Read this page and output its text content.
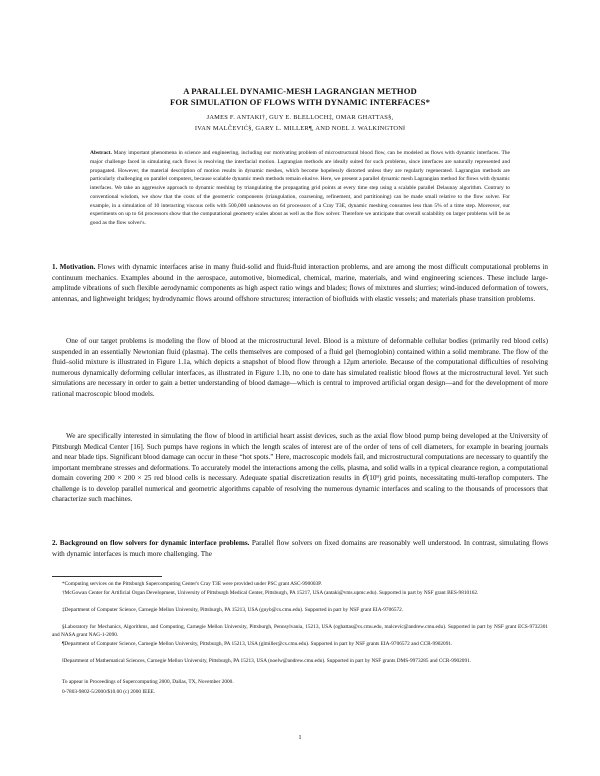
A PARALLEL DYNAMIC-MESH LAGRANGIAN METHOD
FOR SIMULATION OF FLOWS WITH DYNAMIC INTERFACES*
JAMES F. ANTAKI†, GUY E. BLELLOCH‡, OMAR GHATTAS§,
IVAN MALČEVIĆ§, GARY L. MILLER¶, AND NOEL J. WALKINGTON‖

Abstract. Many important phenomena in science and engineering, including our motivating problem of microstructural blood flow, can be modeled as flows with dynamic interfaces. The major challenge faced in simulating such flows is resolving the interfacial motion. Lagrangian methods are ideally suited for such problems, since interfaces are naturally represented and propagated. However, the material description of motion results in dynamic meshes, which become hopelessly distorted unless they are regularly regenerated. Lagrangian methods are particularly challenging on parallel computers, because scalable dynamic mesh methods remain elusive. Here, we present a parallel dynamic mesh Lagrangian method for flows with dynamic interfaces. We take an aggressive approach to dynamic meshing by triangulating the propagating grid points at every time step using a scalable parallel Delaunay algorithm. Contrary to conventional wisdom, we show that the costs of the geometric components (triangulation, coarsening, refinement, and partitioning) can be made small relative to the flow solver. For example, in a simulation of 10 interacting viscous cells with 500,000 unknowns on 64 processors of a Cray T3E, dynamic meshing consumes less than 5% of a time step. Moreover, our experiments on up to 64 processors show that the computational geometry scales about as well as the flow solver. Therefore we anticipate that overall scalability on larger problems will be as good as the flow solver's.

1. Motivation. Flows with dynamic interfaces arise in many fluid-solid and fluid-fluid interaction problems, and are among the most difficult computational problems in continuum mechanics. Examples abound in the aerospace, automotive, biomedical, chemical, marine, materials, and wind engineering sciences. These include large-amplitude vibrations of such flexible aerodynamic components as high aspect ratio wings and blades; flows of mixtures and slurries; wind-induced deformation of towers, antennas, and lightweight bridges; hydrodynamic flows around offshore structures; interaction of biofluids with elastic vessels; and materials phase transition problems.

One of our target problems is modeling the flow of blood at the microstructural level. Blood is a mixture of deformable cellular bodies (primarily red blood cells) suspended in an essentially Newtonian fluid (plasma). The cells themselves are composed of a fluid gel (hemoglobin) contained within a solid membrane. The flow of the fluid–solid mixture is illustrated in Figure 1.1a, which depicts a snapshot of blood flow through a 12μm arteriole. Because of the computational difficulties of resolving numerous dynamically deforming cellular interfaces, as illustrated in Figure 1.1b, no one to date has simulated realistic blood flows at the microstructural level. Yet such simulations are necessary in order to gain a better understanding of blood damage—which is central to improved artificial organ design—and for the development of more rational macroscopic blood models.

We are specifically interested in simulating the flow of blood in artificial heart assist devices, such as the axial flow blood pump being developed at the University of Pittsburgh Medical Center [16]. Such pumps have regions in which the length scales of interest are of the order of tens of cell diameters, for example in bearing journals and near blade tips. Significant blood damage can occur in these “hot spots.” Here, macroscopic models fail, and microstructural computations are necessary to quantify the important membrane stresses and deformations. To accurately model the interactions among the cells, plasma, and solid walls in a typical clearance region, a computational domain covering 200 × 200 × 25 red blood cells is necessary. Adequate spatial discretization results in 𝒪(10⁹) grid points, necessitating multi-teraflop computers. The challenge is to develop parallel numerical and geometric algorithms capable of resolving the numerous dynamic interfaces and scaling to the thousands of processors that characterize such machines.

2. Background on flow solvers for dynamic interface problems. Parallel flow solvers on fixed domains are reasonably well understood. In contrast, simulating flows with dynamic interfaces is much more challenging. The

*Computing services on the Pittsburgh Supercomputing Center's Cray T3E were provided under PSC grant ASC-990003P.

†McGowan Center for Artificial Organ Development, University of Pittsburgh Medical Center, Pittsburgh, PA 15217, USA (antaki@vms.upmc.edu). Supported in part by NSF grant BES-9810162.

‡Department of Computer Science, Carnegie Mellon University, Pittsburgh, PA 15213, USA (guyb@cs.cmu.edu). Supported in part by NSF grant EIA-9706572.

§Laboratory for Mechanics, Algorithms, and Computing, Carnegie Mellon University, Pittsburgh, Pennsylvania, 15213, USA (oghattas@cs.cmu.edu, malcevic@andrew.cmu.edu). Supported in part by NSF grant ECS-9732301 and NASA grant NAG-1-2090.

¶Department of Computer Science, Carnegie Mellon University, Pittsburgh, PA 15213, USA (glmiller@cs.cmu.edu). Supported in part by NSF grants EIA-9706572 and CCR-9902091.

‖Department of Mathematical Sciences, Carnegie Mellon University, Pittsburgh, PA 15213, USA (noelw@andrew.cmu.edu). Supported in part by NSF grants DMS-9973285 and CCR-9902091.

To appear in Proceedings of Supercomputing 2000, Dallas, TX, November 2000.

0-7803-9802-5/2000/$10.00 (c) 2000 IEEE.

1
